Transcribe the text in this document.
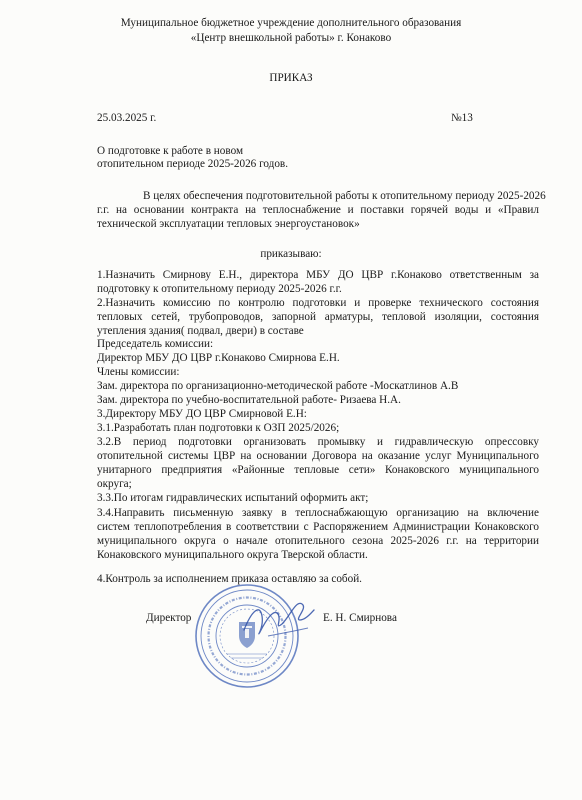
Муниципальное бюджетное учреждение дополнительного образования
«Центр внешкольной работы» г. Конаково
ПРИКАЗ
25.03.2025 г.	№13
О подготовке к работе в новом
отопительном периоде 2025-2026 годов.
В целях обеспечения подготовительной работы к отопительному периоду 2025-2026
г.г. на основании контракта на теплоснабжение и поставки горячей воды и «Правил
технической эксплуатации тепловых энергоустановок»
приказываю:
1.Назначить Смирнову Е.Н., директора МБУ ДО ЦВР г.Конаково ответственным за
подготовку к отопительному периоду 2025-2026 г.г.
2.Назначить комиссию по контролю подготовки и проверке технического состояния
тепловых сетей, трубопроводов, запорной арматуры, тепловой изоляции, состояния
утепления здания( подвал, двери) в составе
Председатель комиссии:
Директор МБУ ДО ЦВР г.Конаково Смирнова Е.Н.
Члены комиссии:
Зам. директора по организационно-методической работе -Москатлинов А.В
Зам. директора по учебно-воспитательной работе- Ризаева Н.А.
3.Директору МБУ ДО ЦВР Смирновой Е.Н:
3.1.Разработать план подготовки к ОЗП 2025/2026;
3.2.В период подготовки организовать промывку и гидравлическую опрессовку
отопительной системы ЦВР на основании Договора на оказание услуг Муниципального
унитарного предприятия «Районные тепловые сети» Конаковского муниципального
округа;
3.3.По итогам гидравлических испытаний оформить акт;
3.4.Направить письменную заявку в теплоснабжающую организацию на включение
систем теплопотребления в соответствии с Распоряжением Администрации Конаковского
муниципального округа о начале отопительного сезона 2025-2026 г.г. на территории
Конаковского муниципального округа Тверской области.
4.Контроль за исполнением приказа оставляю за собой.
Директор	Е. Н. Смирнова
